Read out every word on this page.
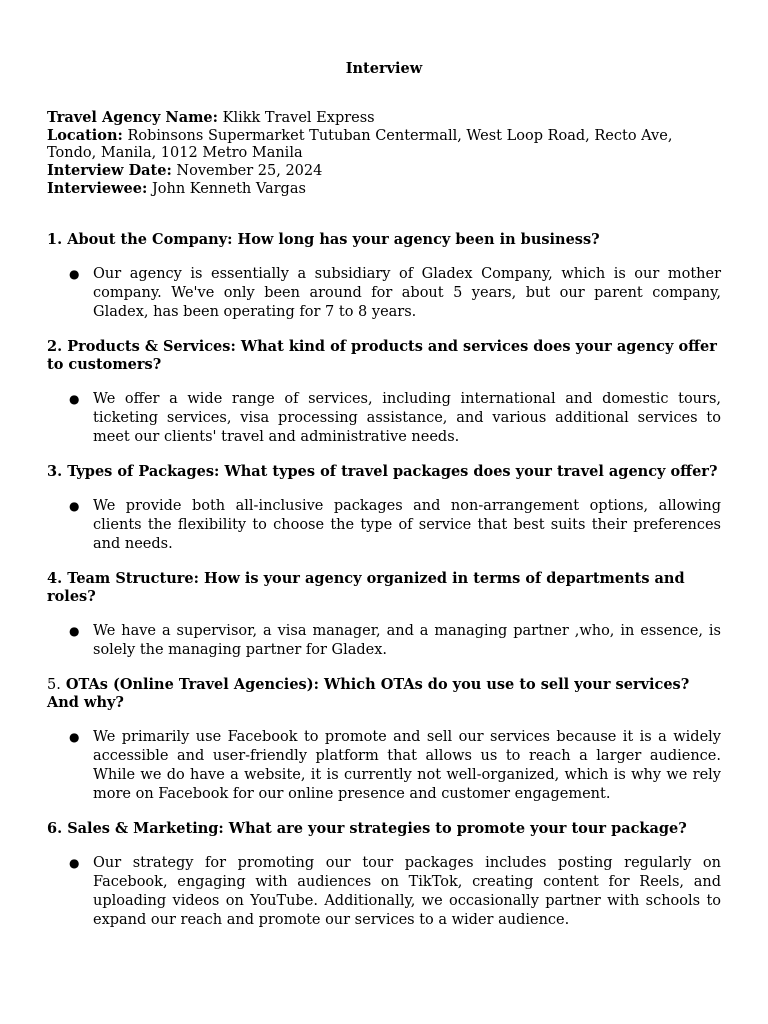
Interview

Travel Agency Name: Klikk Travel Express

Location: Robinsons Supermarket Tutuban Centermall, West Loop Road, Recto Ave, Tondo, Manila, 1012 Metro Manila

Interview Date: November 25, 2024

Interviewee: John Kenneth Vargas

1. About the Company: How long has your agency been in business?

● Our agency is essentially a subsidiary of Gladex Company, which is our mother company. We've only been around for about 5 years, but our parent company, Gladex, has been operating for 7 to 8 years.

2. Products & Services: What kind of products and services does your agency offer to customers?

● We offer a wide range of services, including international and domestic tours, ticketing services, visa processing assistance, and various additional services to meet our clients' travel and administrative needs.

3. Types of Packages: What types of travel packages does your travel agency offer?

● We provide both all-inclusive packages and non-arrangement options, allowing clients the flexibility to choose the type of service that best suits their preferences and needs.

4. Team Structure: How is your agency organized in terms of departments and roles?

● We have a supervisor, a visa manager, and a managing partner ,who, in essence, is solely the managing partner for Gladex.

5. OTAs (Online Travel Agencies): Which OTAs do you use to sell your services? And why?

● We primarily use Facebook to promote and sell our services because it is a widely accessible and user-friendly platform that allows us to reach a larger audience. While we do have a website, it is currently not well-organized, which is why we rely more on Facebook for our online presence and customer engagement.

6. Sales & Marketing: What are your strategies to promote your tour package?

● Our strategy for promoting our tour packages includes posting regularly on Facebook, engaging with audiences on TikTok, creating content for Reels, and uploading videos on YouTube. Additionally, we occasionally partner with schools to expand our reach and promote our services to a wider audience.
